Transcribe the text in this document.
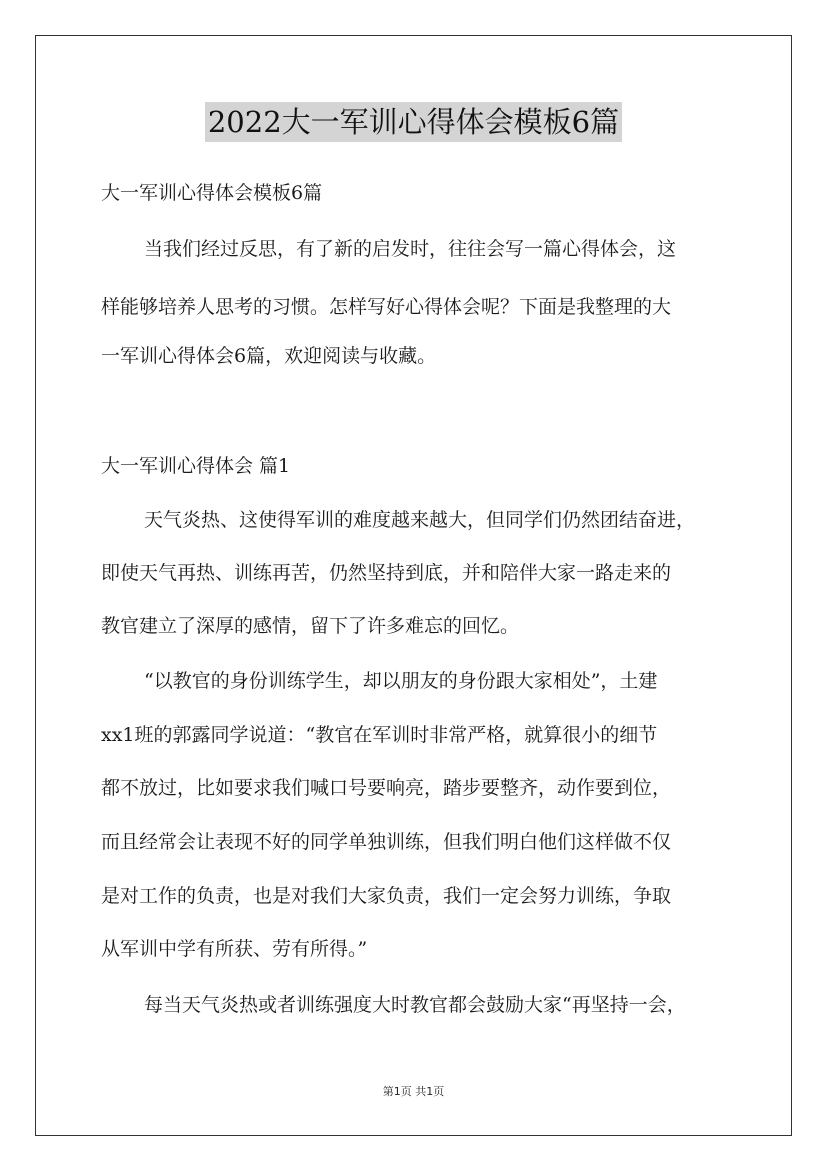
2022大一军训心得体会模板6篇
大一军训心得体会模板6篇
当我们经过反思，有了新的启发时，往往会写一篇心得体会，这
样能够培养人思考的习惯。怎样写好心得体会呢？下面是我整理的大
一军训心得体会6篇，欢迎阅读与收藏。
大一军训心得体会 篇1
天气炎热、这使得军训的难度越来越大，但同学们仍然团结奋进，
即使天气再热、训练再苦，仍然坚持到底，并和陪伴大家一路走来的
教官建立了深厚的感情，留下了许多难忘的回忆。
“以教官的身份训练学生，却以朋友的身份跟大家相处”，土建
xx1班的郭露同学说道：“教官在军训时非常严格，就算很小的细节
都不放过，比如要求我们喊口号要响亮，踏步要整齐，动作要到位，
而且经常会让表现不好的同学单独训练，但我们明白他们这样做不仅
是对工作的负责，也是对我们大家负责，我们一定会努力训练，争取
从军训中学有所获、劳有所得。”
每当天气炎热或者训练强度大时教官都会鼓励大家“再坚持一会，
第1页 共1页
